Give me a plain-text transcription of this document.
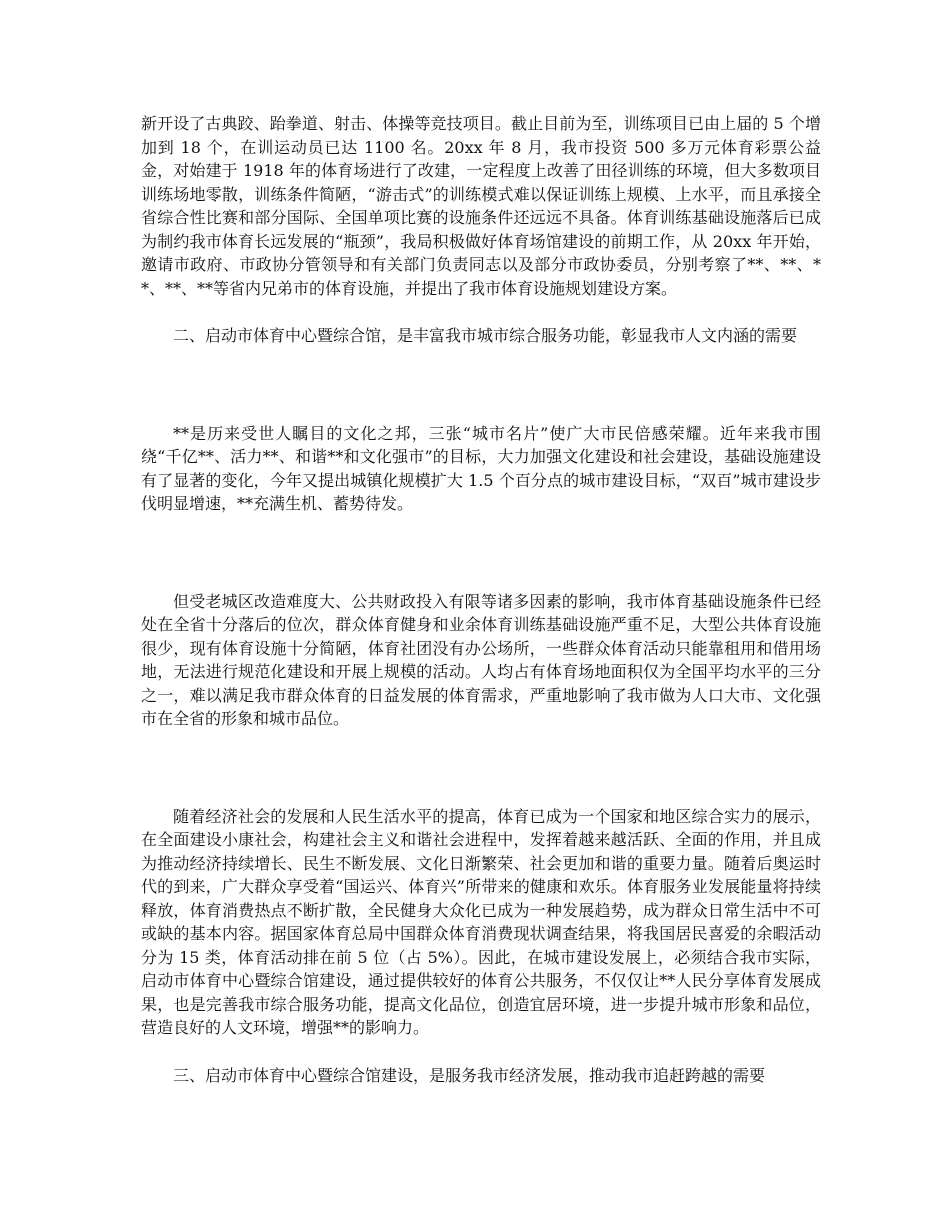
新开设了古典跤、跆拳道、射击、体操等竞技项目。截止目前为至，训练项目已由上届的 5 个增加到 18 个，在训运动员已达 1100 名。20xx 年 8 月，我市投资 500 多万元体育彩票公益金，对始建于 1918 年的体育场进行了改建，一定程度上改善了田径训练的环境，但大多数项目训练场地零散，训练条件简陋，“游击式”的训练模式难以保证训练上规模、上水平，而且承接全省综合性比赛和部分国际、全国单项比赛的设施条件还远远不具备。体育训练基础设施落后已成为制约我市体育长远发展的“瓶颈”，我局积极做好体育场馆建设的前期工作，从 20xx 年开始，邀请市政府、市政协分管领导和有关部门负责同志以及部分市政协委员，分别考察了**、**、**、**、**等省内兄弟市的体育设施，并提出了我市体育设施规划建设方案。

二、启动市体育中心暨综合馆，是丰富我市城市综合服务功能，彰显我市人文内涵的需要

**是历来受世人瞩目的文化之邦，三张“城市名片”使广大市民倍感荣耀。近年来我市围绕“千亿**、活力**、和谐**和文化强市”的目标，大力加强文化建设和社会建设，基础设施建设有了显著的变化，今年又提出城镇化规模扩大 1.5 个百分点的城市建设目标，“双百”城市建设步伐明显增速，**充满生机、蓄势待发。

但受老城区改造难度大、公共财政投入有限等诸多因素的影响，我市体育基础设施条件已经处在全省十分落后的位次，群众体育健身和业余体育训练基础设施严重不足，大型公共体育设施很少，现有体育设施十分简陋，体育社团没有办公场所，一些群众体育活动只能靠租用和借用场地，无法进行规范化建设和开展上规模的活动。人均占有体育场地面积仅为全国平均水平的三分之一，难以满足我市群众体育的日益发展的体育需求，严重地影响了我市做为人口大市、文化强市在全省的形象和城市品位。

随着经济社会的发展和人民生活水平的提高，体育已成为一个国家和地区综合实力的展示，在全面建设小康社会，构建社会主义和谐社会进程中，发挥着越来越活跃、全面的作用，并且成为推动经济持续增长、民生不断发展、文化日渐繁荣、社会更加和谐的重要力量。随着后奥运时代的到来，广大群众享受着“国运兴、体育兴”所带来的健康和欢乐。体育服务业发展能量将持续释放，体育消费热点不断扩散，全民健身大众化已成为一种发展趋势，成为群众日常生活中不可或缺的基本内容。据国家体育总局中国群众体育消费现状调查结果，将我国居民喜爱的余暇活动分为 15 类，体育活动排在前 5 位（占 5%）。因此，在城市建设发展上，必须结合我市实际，启动市体育中心暨综合馆建设，通过提供较好的体育公共服务，不仅仅让**人民分享体育发展成果，也是完善我市综合服务功能，提高文化品位，创造宜居环境，进一步提升城市形象和品位，营造良好的人文环境，增强**的影响力。

三、启动市体育中心暨综合馆建设，是服务我市经济发展，推动我市追赶跨越的需要
